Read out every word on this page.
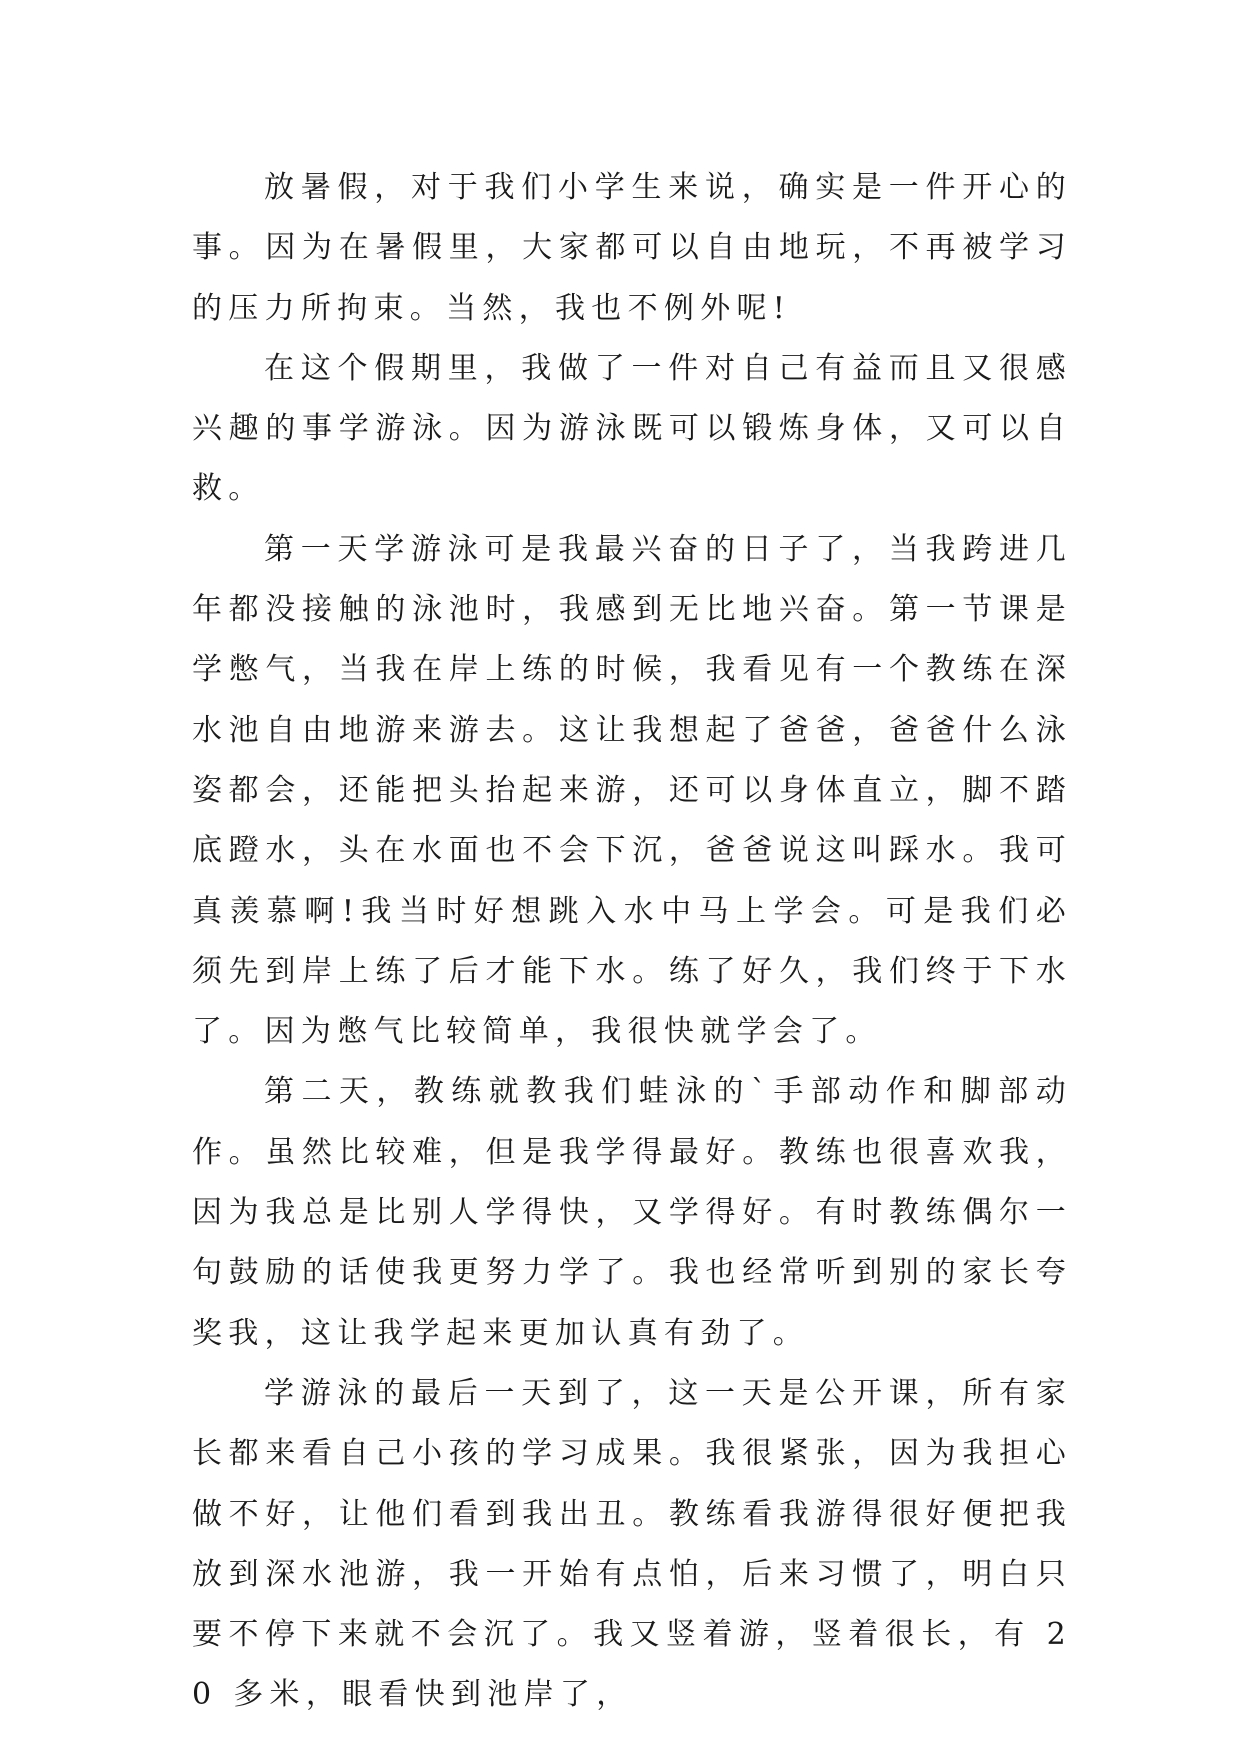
放暑假，对于我们小学生来说，确实是一件开心的事。因为在暑假里，大家都可以自由地玩，不再被学习的压力所拘束。当然，我也不例外呢!

在这个假期里，我做了一件对自己有益而且又很感兴趣的事学游泳。因为游泳既可以锻炼身体，又可以自救。

第一天学游泳可是我最兴奋的日子了，当我跨进几年都没接触的泳池时，我感到无比地兴奋。第一节课是学憋气，当我在岸上练的时候，我看见有一个教练在深水池自由地游来游去。这让我想起了爸爸，爸爸什么泳姿都会，还能把头抬起来游，还可以身体直立，脚不踏底蹬水，头在水面也不会下沉，爸爸说这叫踩水。我可真羡慕啊!我当时好想跳入水中马上学会。可是我们必须先到岸上练了后才能下水。练了好久，我们终于下水了。因为憋气比较简单，我很快就学会了。

第二天，教练就教我们蛙泳的`手部动作和脚部动作。虽然比较难，但是我学得最好。教练也很喜欢我，因为我总是比别人学得快，又学得好。有时教练偶尔一句鼓励的话使我更努力学了。我也经常听到别的家长夸奖我，这让我学起来更加认真有劲了。

学游泳的最后一天到了，这一天是公开课，所有家长都来看自己小孩的学习成果。我很紧张，因为我担心做不好，让他们看到我出丑。教练看我游得很好便把我放到深水池游，我一开始有点怕，后来习惯了，明白只要不停下来就不会沉了。我又竖着游，竖着很长，有 20 多米，眼看快到池岸了，
